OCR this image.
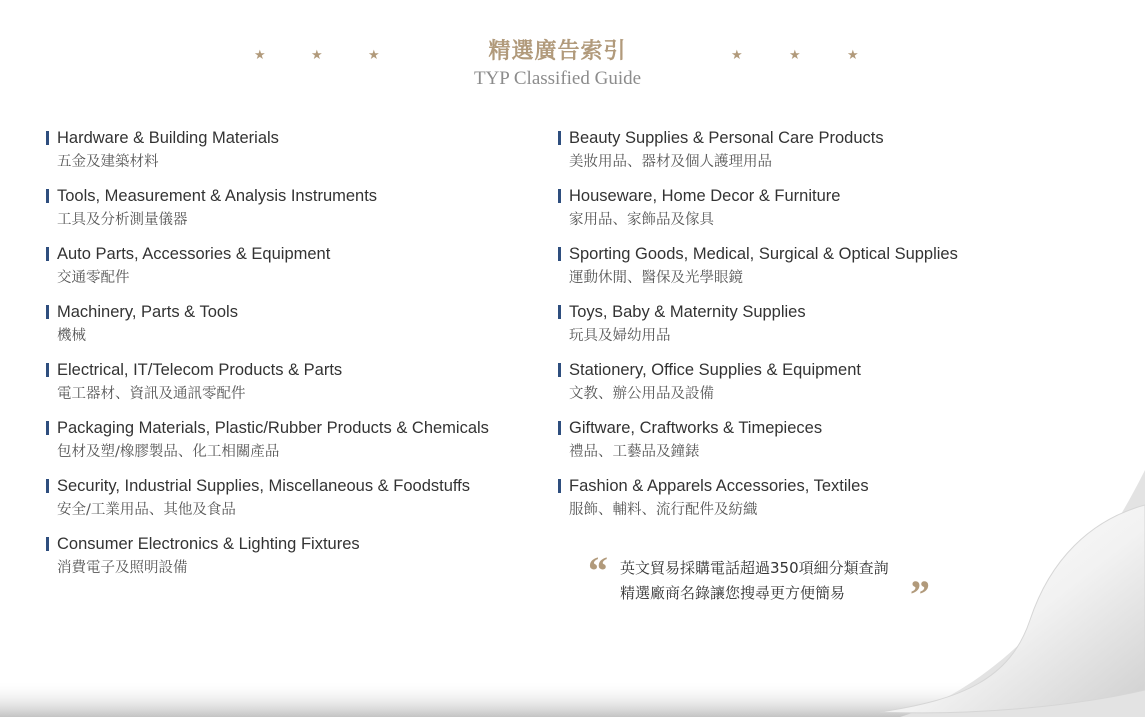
★	★	★	精選廣告索引
TYP Classified Guide
★	★	★
Hardware & Building Materials
五金及建築材料
Tools, Measurement & Analysis Instruments
工具及分析測量儀器
Auto Parts, Accessories & Equipment
交通零配件
Machinery, Parts & Tools
機械
Electrical, IT/Telecom Products & Parts
電工器材、資訊及通訊零配件
Packaging Materials, Plastic/Rubber Products & Chemicals
包材及塑/橡膠製品、化工相關產品
Security, Industrial Supplies, Miscellaneous & Foodstuffs
安全/工業用品、其他及食品
Consumer Electronics & Lighting Fixtures
消費電子及照明設備
Beauty Supplies & Personal Care Products
美妝用品、器材及個人護理用品
Houseware, Home Decor & Furniture
家用品、家飾品及傢具
Sporting Goods, Medical, Surgical & Optical Supplies
運動休閒、醫保及光學眼鏡
Toys, Baby & Maternity Supplies
玩具及婦幼用品
Stationery, Office Supplies & Equipment
文教、辦公用品及設備
Giftware, Craftworks & Timepieces
禮品、工藝品及鐘錶
Fashion & Apparels Accessories, Textiles
服飾、輔料、流行配件及紡織
“ 英文貿易採購電話超過350項細分類查詢
精選廠商名錄讓您搜尋更方便簡易 ”
